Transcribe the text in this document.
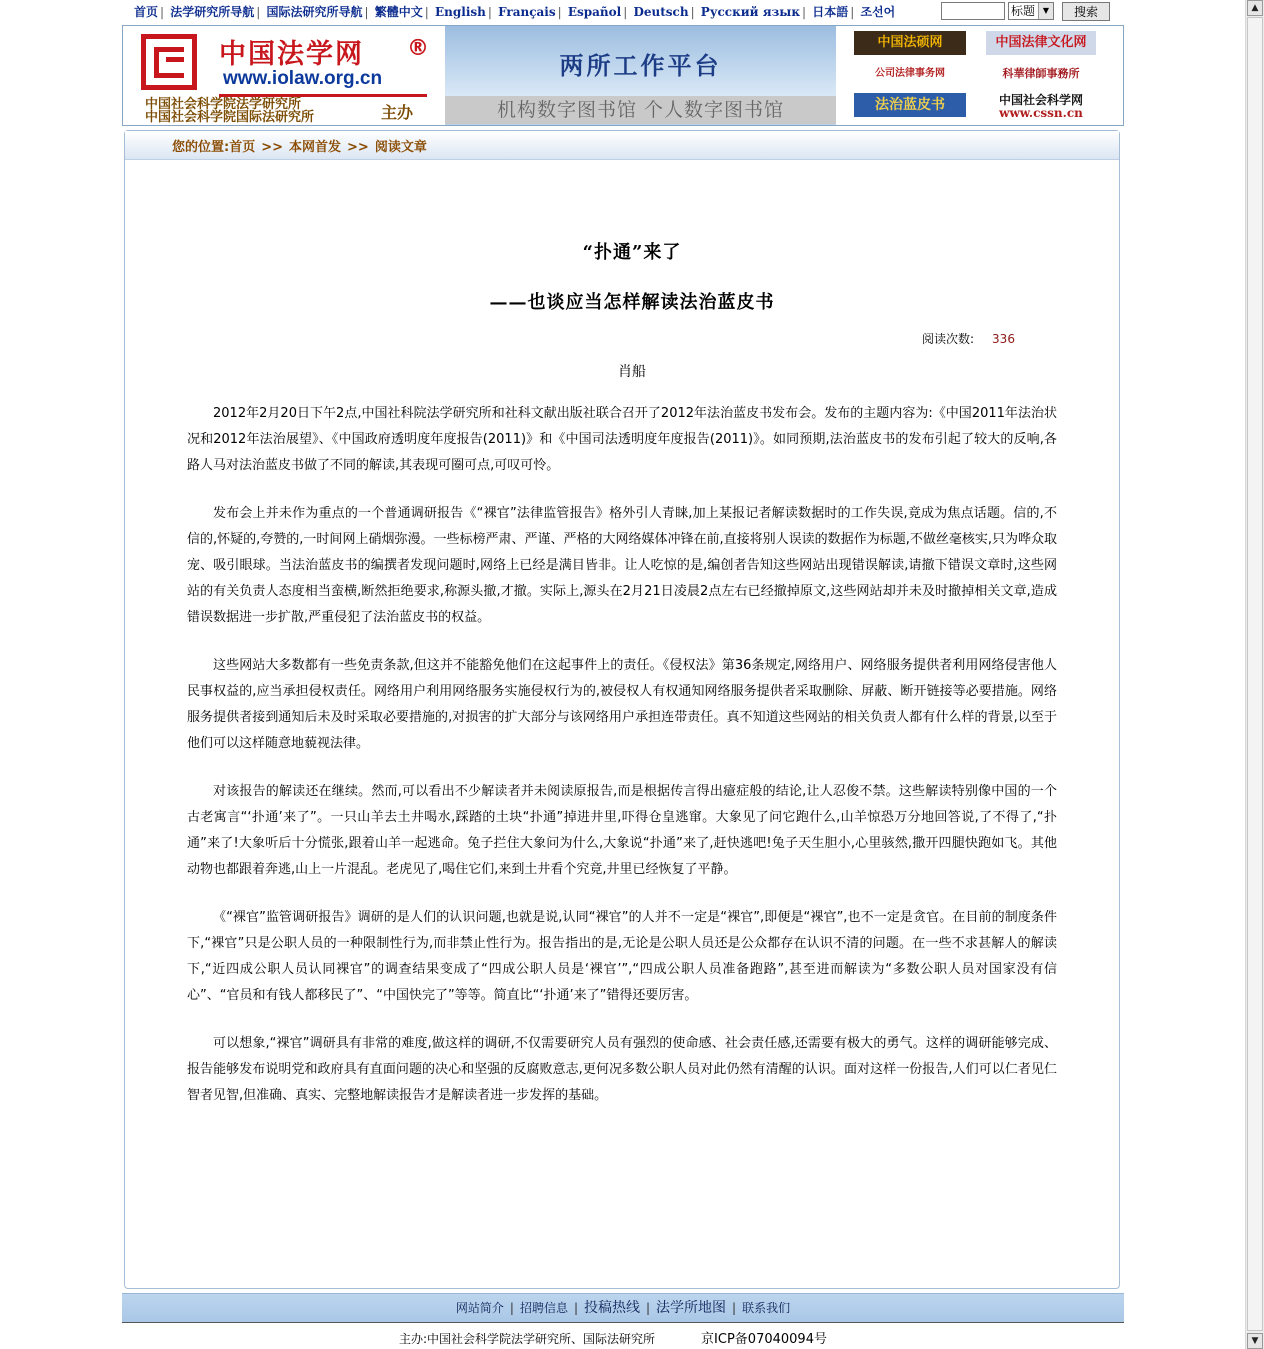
首页 | 法学研究所导航 | 国际法研究所导航 | 繁體中文 | English | Français | Español | Deutsch | Русский язык | 日本語 | 조선어	标题 ▼	搜索
中国法学网 ®
www.iolaw.org.cn
中国社会科学院法学研究所
中国社会科学院国际法研究所	主办
两所工作平台
机构数字图书馆 个人数字图书馆
中国法硕网	中国法律文化网
公司法律事务网	科華律師事務所
法治蓝皮书	中国社会科学网
www.cssn.cn
您的位置:首页 >> 本网首发 >> 阅读文章
“扑通”来了
——也谈应当怎样解读法治蓝皮书
阅读次数: 336
肖船

2012年2月20日下午2点,中国社科院法学研究所和社科文献出版社联合召开了2012年法治蓝皮书发布会。发布的主题内容为:《中国2011年法治状况和2012年法治展望》、《中国政府透明度年度报告(2011)》和《中国司法透明度年度报告(2011)》。如同预期,法治蓝皮书的发布引起了较大的反响,各路人马对法治蓝皮书做了不同的解读,其表现可圈可点,可叹可怜。

发布会上并未作为重点的一个普通调研报告《“裸官”法律监管报告》格外引人青睐,加上某报记者解读数据时的工作失误,竟成为焦点话题。信的,不信的,怀疑的,夸赞的,一时间网上硝烟弥漫。一些标榜严肃、严谨、严格的大网络媒体冲锋在前,直接将别人误读的数据作为标题,不做丝毫核实,只为哗众取宠、吸引眼球。当法治蓝皮书的编撰者发现问题时,网络上已经是满目皆非。让人吃惊的是,编创者告知这些网站出现错误解读,请撤下错误文章时,这些网站的有关负责人态度相当蛮横,断然拒绝要求,称源头撤,才撤。实际上,源头在2月21日凌晨2点左右已经撤掉原文,这些网站却并未及时撤掉相关文章,造成错误数据进一步扩散,严重侵犯了法治蓝皮书的权益。

这些网站大多数都有一些免责条款,但这并不能豁免他们在这起事件上的责任。《侵权法》第36条规定,网络用户、网络服务提供者利用网络侵害他人民事权益的,应当承担侵权责任。网络用户利用网络服务实施侵权行为的,被侵权人有权通知网络服务提供者采取删除、屏蔽、断开链接等必要措施。网络服务提供者接到通知后未及时采取必要措施的,对损害的扩大部分与该网络用户承担连带责任。真不知道这些网站的相关负责人都有什么样的背景,以至于他们可以这样随意地藐视法律。

对该报告的解读还在继续。然而,可以看出不少解读者并未阅读原报告,而是根据传言得出癔症般的结论,让人忍俊不禁。这些解读特别像中国的一个古老寓言“‘扑通’来了”。一只山羊去土井喝水,踩踏的土块“扑通”掉进井里,吓得仓皇逃窜。大象见了问它跑什么,山羊惊恐万分地回答说,了不得了,“扑通”来了!大象听后十分慌张,跟着山羊一起逃命。兔子拦住大象问为什么,大象说“扑通”来了,赶快逃吧!兔子天生胆小,心里骇然,撒开四腿快跑如飞。其他动物也都跟着奔逃,山上一片混乱。老虎见了,喝住它们,来到土井看个究竟,井里已经恢复了平静。

《“裸官”监管调研报告》调研的是人们的认识问题,也就是说,认同“裸官”的人并不一定是“裸官”,即便是“裸官”,也不一定是贪官。在目前的制度条件下,“裸官”只是公职人员的一种限制性行为,而非禁止性行为。报告指出的是,无论是公职人员还是公众都存在认识不清的问题。在一些不求甚解人的解读下,“近四成公职人员认同裸官”的调查结果变成了“四成公职人员是‘裸官’”,“四成公职人员准备跑路”,甚至进而解读为“多数公职人员对国家没有信心”、“官员和有钱人都移民了”、“中国快完了”等等。简直比“‘扑通’来了”错得还要厉害。

可以想象,“裸官”调研具有非常的难度,做这样的调研,不仅需要研究人员有强烈的使命感、社会责任感,还需要有极大的勇气。这样的调研能够完成、报告能够发布说明党和政府具有直面问题的决心和坚强的反腐败意志,更何况多数公职人员对此仍然有清醒的认识。面对这样一份报告,人们可以仁者见仁智者见智,但准确、真实、完整地解读报告才是解读者进一步发挥的基础。

网站简介 | 招聘信息 | 投稿热线 | 法学所地图 | 联系我们
主办:中国社会科学院法学研究所、国际法研究所	京ICP备07040094号
▲
▼
